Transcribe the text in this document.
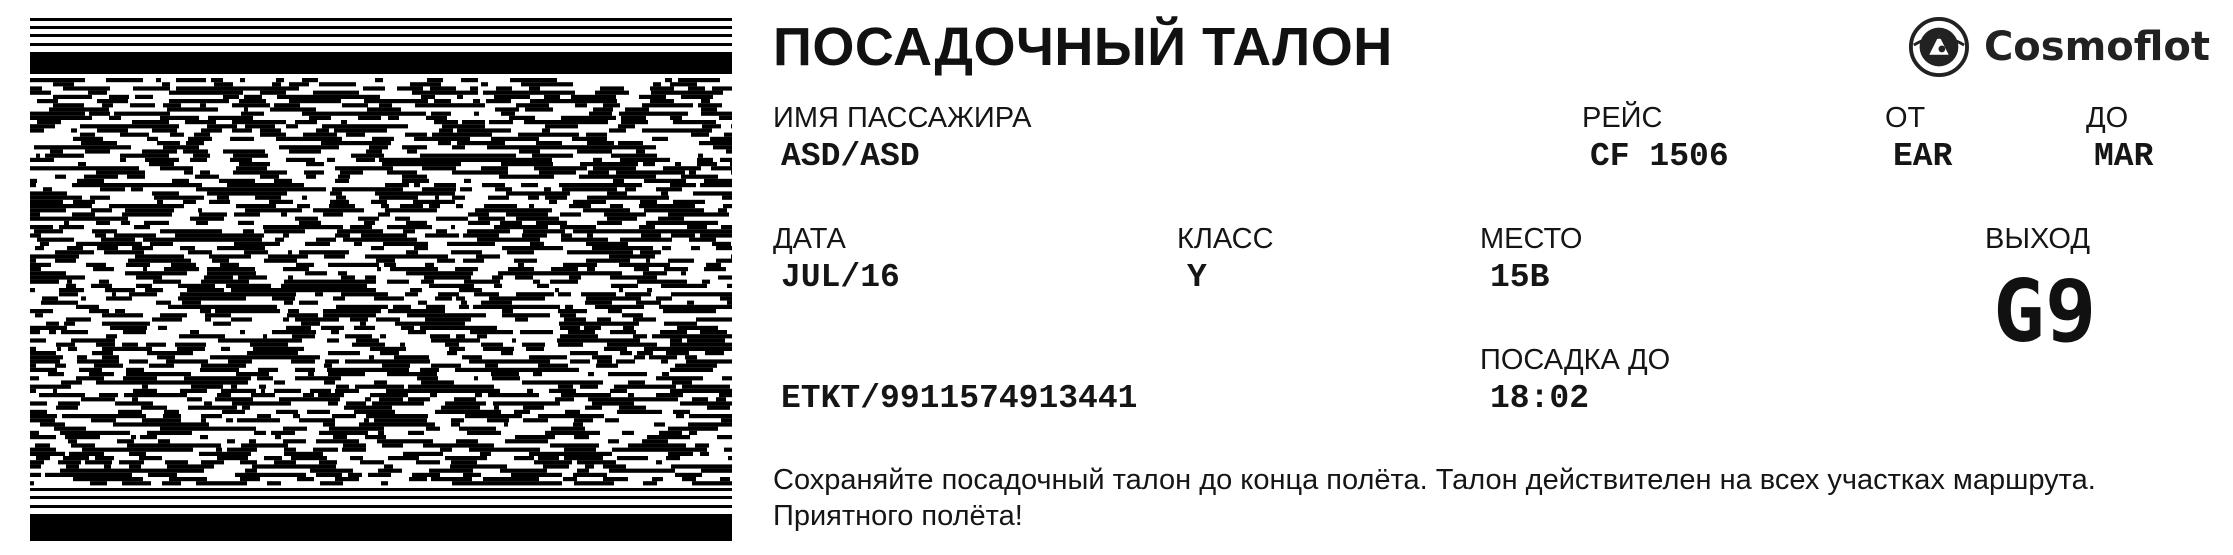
ПОСАДОЧНЫЙ ТАЛОН	Cosmoflot
ИМЯ ПАССАЖИРА
ASD/ASD
РЕЙС
CF 1506
ОТ
EAR
ДО
MAR
ДАТА
JUL/16
КЛАСС
Y
МЕСТО
15B
ВЫХОД
G9
ПОСАДКА ДО
18:02
ETKT/9911574913441
Сохраняйте посадочный талон до конца полёта. Талон действителен на всех участках маршрута.
Приятного полёта!
